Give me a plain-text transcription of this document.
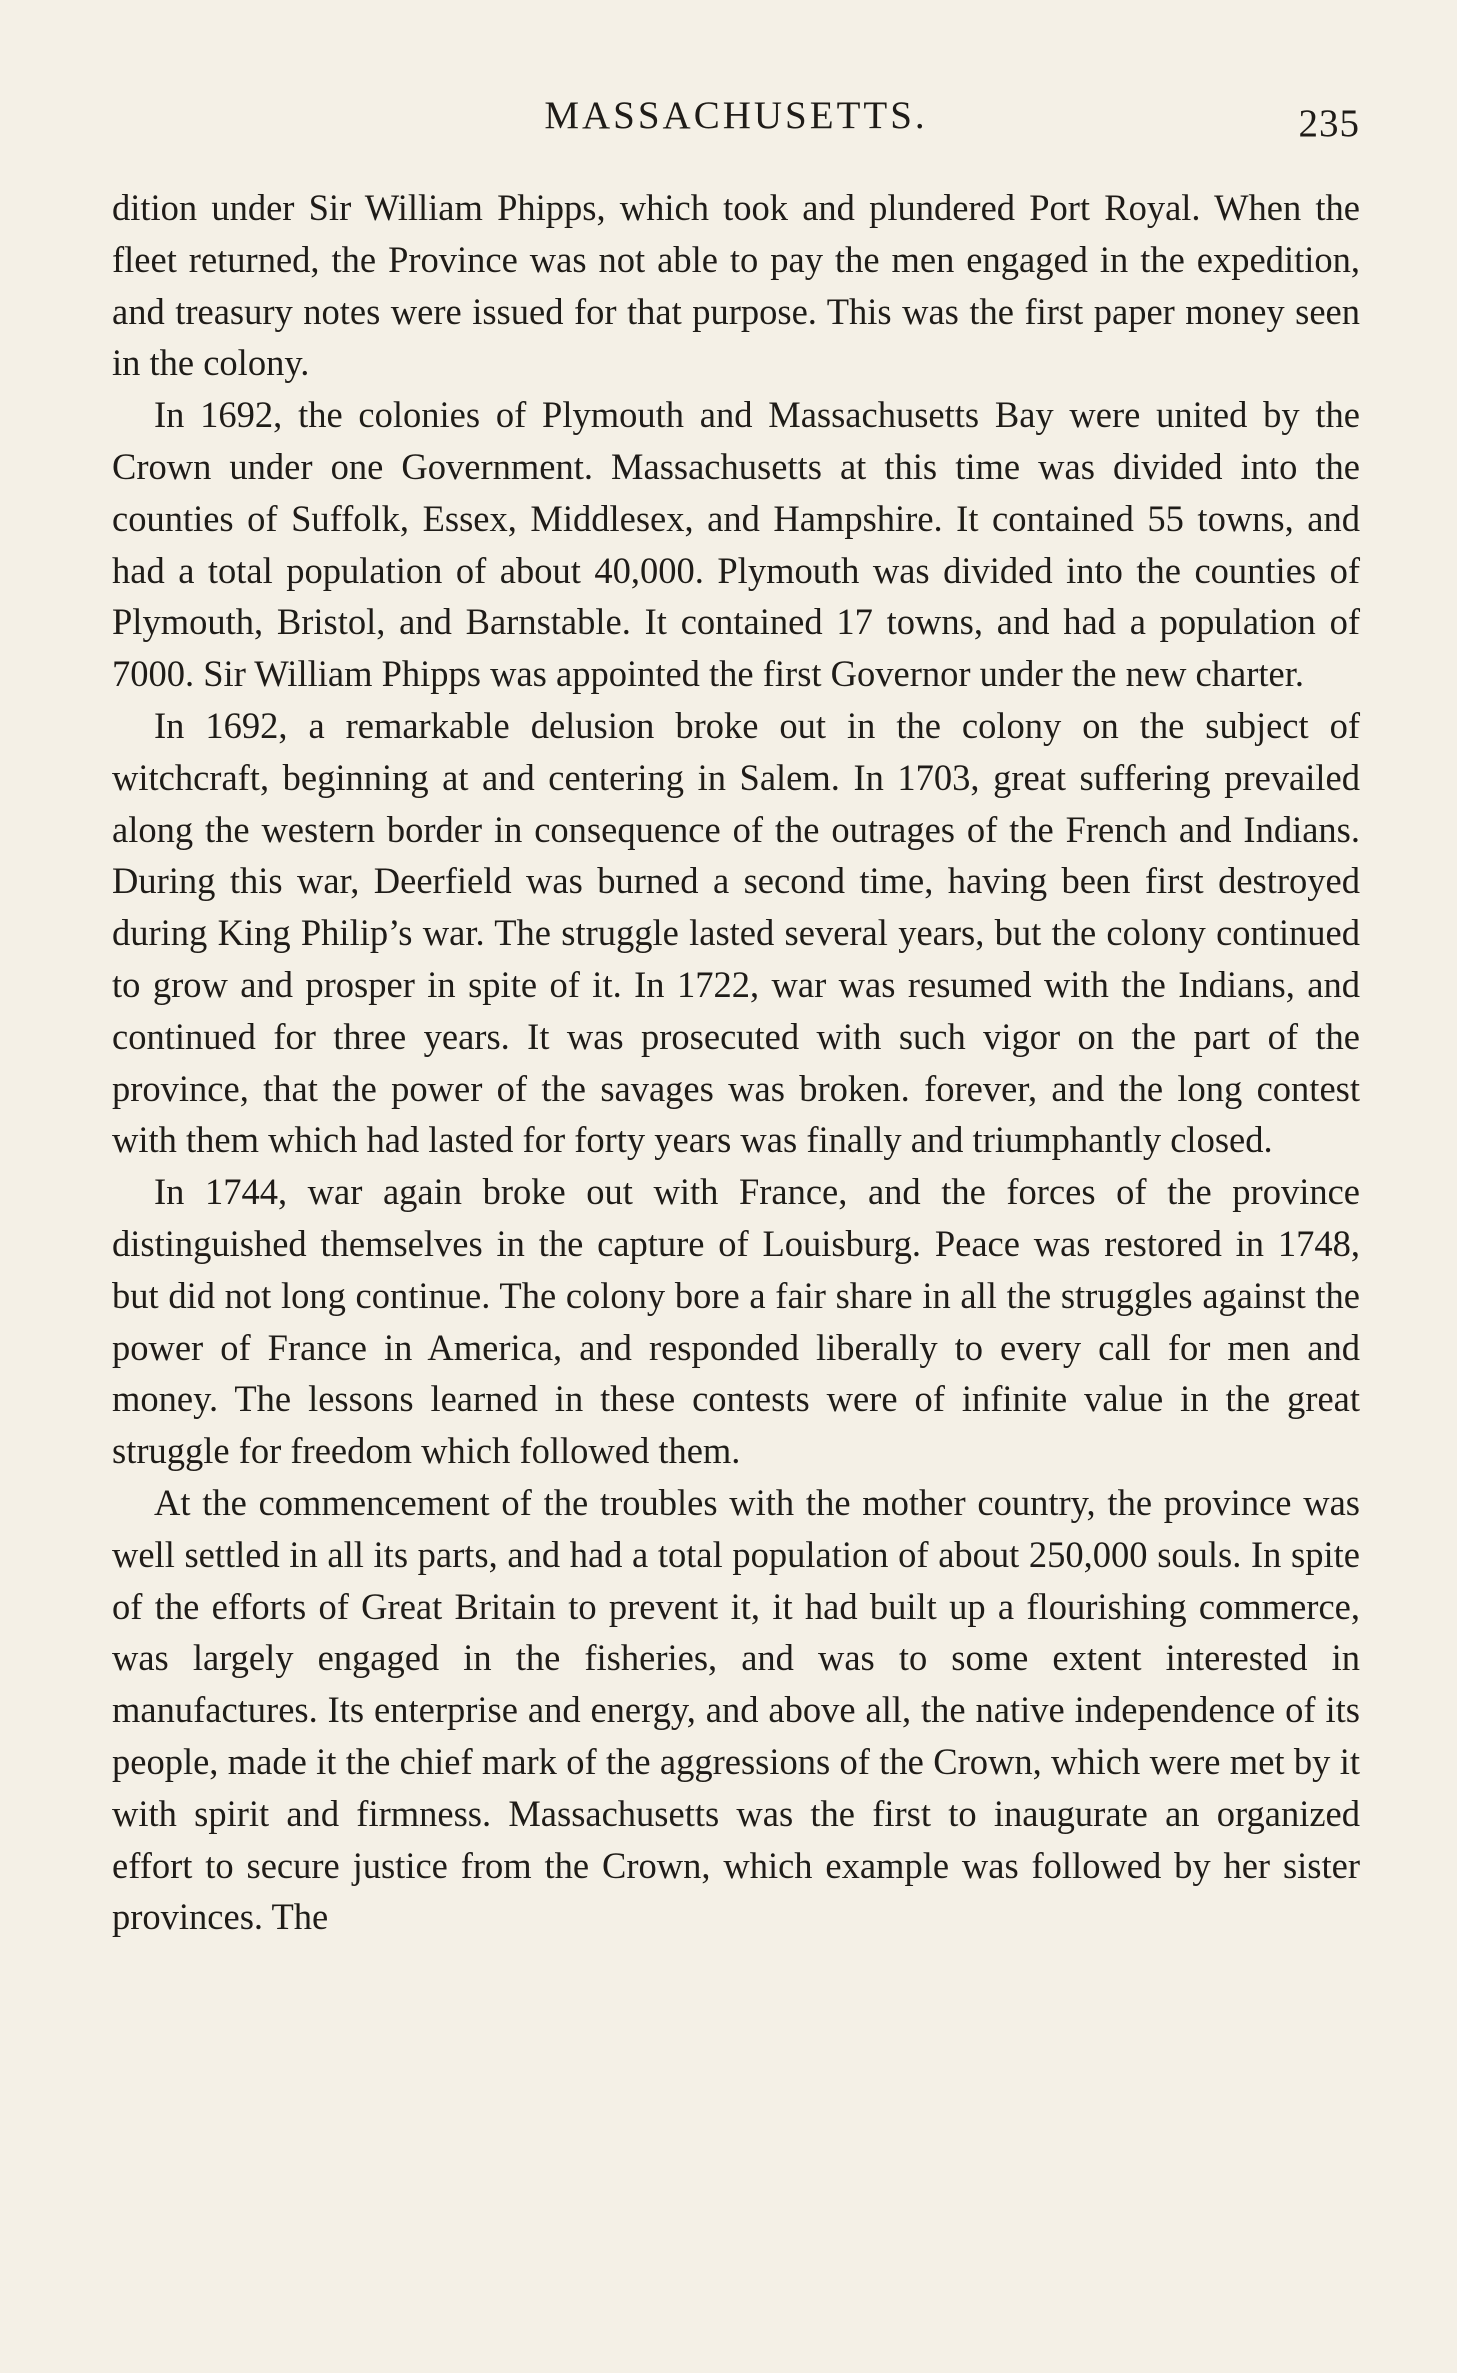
MASSACHUSETTS.	235

dition under Sir William Phipps, which took and plundered Port Royal. When the fleet returned, the Province was not able to pay the men engaged in the expedition, and treasury notes were issued for that purpose. This was the first paper money seen in the colony.

In 1692, the colonies of Plymouth and Massachusetts Bay were united by the Crown under one Government. Massachusetts at this time was divided into the counties of Suffolk, Essex, Middlesex, and Hampshire. It contained 55 towns, and had a total population of about 40,000. Plymouth was divided into the counties of Plymouth, Bristol, and Barnstable. It contained 17 towns, and had a population of 7000. Sir William Phipps was appointed the first Governor under the new charter.

In 1692, a remarkable delusion broke out in the colony on the subject of witchcraft, beginning at and centering in Salem. In 1703, great suffering prevailed along the western border in consequence of the outrages of the French and Indians. During this war, Deerfield was burned a second time, having been first destroyed during King Philip’s war. The struggle lasted several years, but the colony continued to grow and prosper in spite of it. In 1722, war was resumed with the Indians, and continued for three years. It was prosecuted with such vigor on the part of the province, that the power of the savages was broken. forever, and the long contest with them which had lasted for forty years was finally and triumphantly closed.

In 1744, war again broke out with France, and the forces of the province distinguished themselves in the capture of Louisburg. Peace was restored in 1748, but did not long continue. The colony bore a fair share in all the struggles against the power of France in America, and responded liberally to every call for men and money. The lessons learned in these contests were of infinite value in the great struggle for freedom which followed them.

At the commencement of the troubles with the mother country, the province was well settled in all its parts, and had a total population of about 250,000 souls. In spite of the efforts of Great Britain to prevent it, it had built up a flourishing commerce, was largely engaged in the fisheries, and was to some extent interested in manufactures. Its enterprise and energy, and above all, the native independence of its people, made it the chief mark of the aggressions of the Crown, which were met by it with spirit and firmness. Massachusetts was the first to inaugurate an organized effort to secure justice from the Crown, which example was followed by her sister provinces. The
